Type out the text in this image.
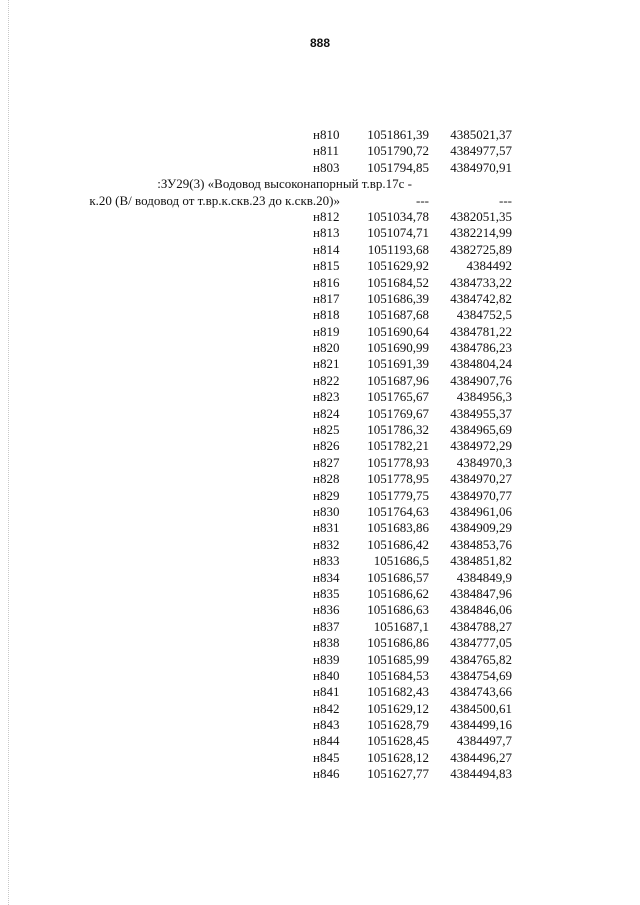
888
н810	1051861,39	4385021,37
н811	1051790,72	4384977,57
н803	1051794,85	4384970,91
:ЗУ29(3) «Водовод высоконапорный т.вр.17с -
к.20 (В/ водовод от т.вр.к.скв.23 до к.скв.20)»	---	---
н812	1051034,78	4382051,35
н813	1051074,71	4382214,99
н814	1051193,68	4382725,89
н815	1051629,92	4384492
н816	1051684,52	4384733,22
н817	1051686,39	4384742,82
н818	1051687,68	4384752,5
н819	1051690,64	4384781,22
н820	1051690,99	4384786,23
н821	1051691,39	4384804,24
н822	1051687,96	4384907,76
н823	1051765,67	4384956,3
н824	1051769,67	4384955,37
н825	1051786,32	4384965,69
н826	1051782,21	4384972,29
н827	1051778,93	4384970,3
н828	1051778,95	4384970,27
н829	1051779,75	4384970,77
н830	1051764,63	4384961,06
н831	1051683,86	4384909,29
н832	1051686,42	4384853,76
н833	1051686,5	4384851,82
н834	1051686,57	4384849,9
н835	1051686,62	4384847,96
н836	1051686,63	4384846,06
н837	1051687,1	4384788,27
н838	1051686,86	4384777,05
н839	1051685,99	4384765,82
н840	1051684,53	4384754,69
н841	1051682,43	4384743,66
н842	1051629,12	4384500,61
н843	1051628,79	4384499,16
н844	1051628,45	4384497,7
н845	1051628,12	4384496,27
н846	1051627,77	4384494,83
